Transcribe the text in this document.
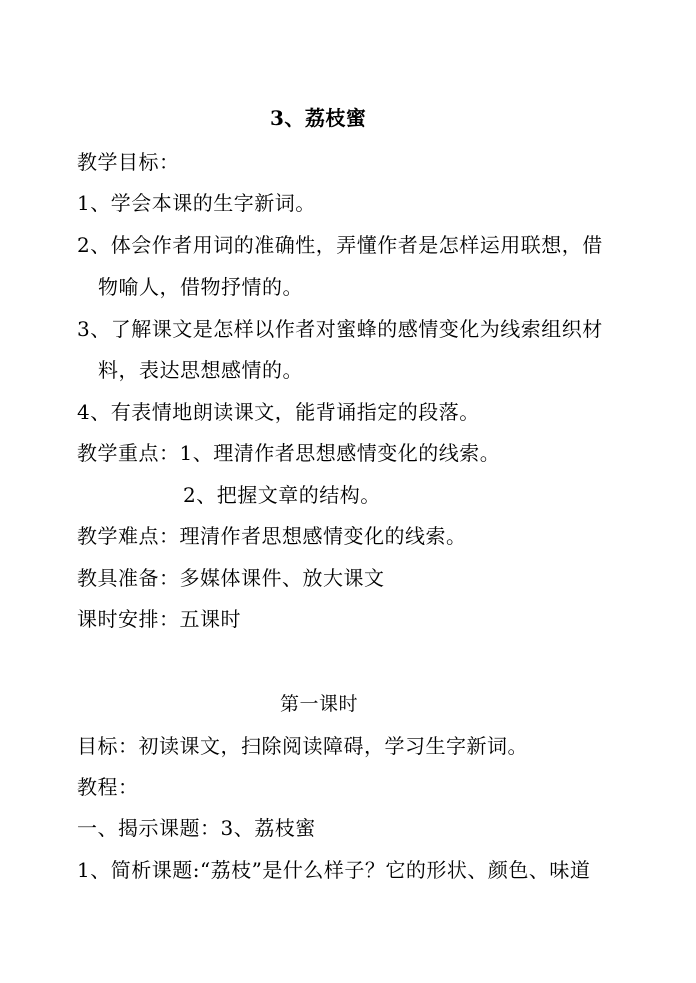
3、荔枝蜜
教学目标：
1、学会本课的生字新词。
2、体会作者用词的准确性，弄懂作者是怎样运用联想，借
物喻人，借物抒情的。
3、了解课文是怎样以作者对蜜蜂的感情变化为线索组织材
料，表达思想感情的。
4、有表情地朗读课文，能背诵指定的段落。
教学重点：1、理清作者思想感情变化的线索。
2、把握文章的结构。
教学难点：理清作者思想感情变化的线索。
教具准备：多媒体课件、放大课文
课时安排：五课时
第一课时
目标：初读课文，扫除阅读障碍，学习生字新词。
教程：
一、揭示课题：3、荔枝蜜
1、简析课题:“荔枝”是什么样子？它的形状、颜色、味道
